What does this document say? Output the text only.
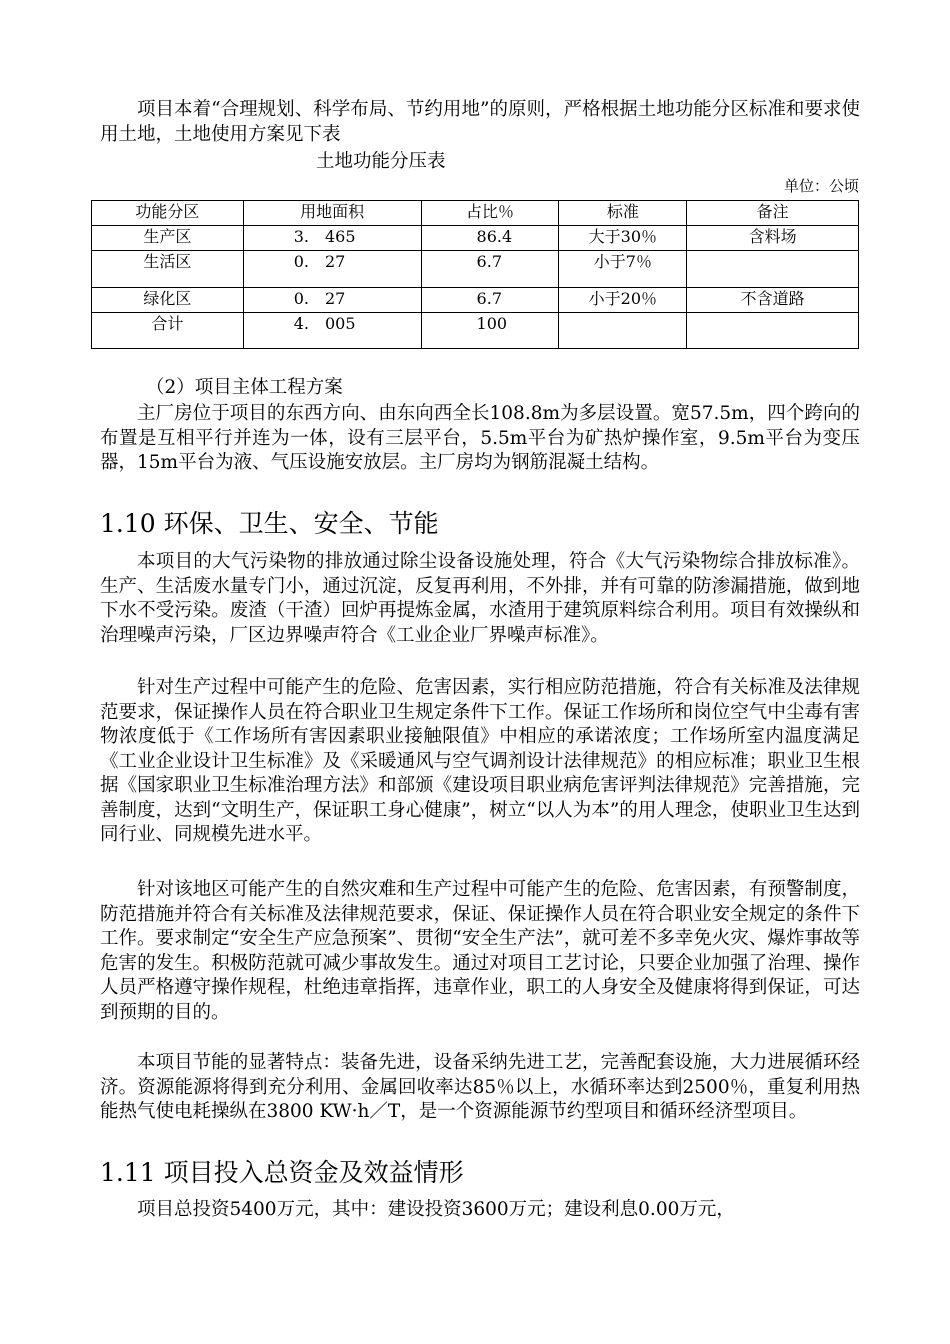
项目本着“合理规划、科学布局、节约用地”的原则，严格根据土地功能分区标准和要求使用土地，土地使用方案见下表

土地功能分压表

单位：公顷
功能分区	用地面积	占比％	标准	备注
生产区	3.　465	86.4	大于30％	含料场
生活区	0.　27	6.7	小于7％	
绿化区	0.　27	6.7	小于20％	不含道路
合计	4.　005	100		

（2）项目主体工程方案

主厂房位于项目的东西方向、由东向西全长108.8m为多层设置。宽57.5m，四个跨向的布置是互相平行并连为一体，设有三层平台，5.5m平台为矿热炉操作室，9.5m平台为变压器，15m平台为液、气压设施安放层。主厂房均为钢筋混凝土结构。

1.10 环保、卫生、安全、节能

本项目的大气污染物的排放通过除尘设备设施处理，符合《大气污染物综合排放标准》。生产、生活废水量专门小，通过沉淀，反复再利用，不外排，并有可靠的防渗漏措施，做到地下水不受污染。废渣（干渣）回炉再提炼金属，水渣用于建筑原料综合利用。项目有效操纵和治理噪声污染，厂区边界噪声符合《工业企业厂界噪声标准》。

针对生产过程中可能产生的危险、危害因素，实行相应防范措施，符合有关标准及法律规范要求，保证操作人员在符合职业卫生规定条件下工作。保证工作场所和岗位空气中尘毒有害物浓度低于《工作场所有害因素职业接触限值》中相应的承诺浓度；工作场所室内温度满足《工业企业设计卫生标准》及《采暖通风与空气调剂设计法律规范》的相应标准；职业卫生根据《国家职业卫生标准治理方法》和部颁《建设项目职业病危害评判法律规范》完善措施，完善制度，达到“文明生产，保证职工身心健康”，树立“以人为本”的用人理念，使职业卫生达到同行业、同规模先进水平。

针对该地区可能产生的自然灾难和生产过程中可能产生的危险、危害因素，有预警制度，防范措施并符合有关标准及法律规范要求，保证、保证操作人员在符合职业安全规定的条件下工作。要求制定“安全生产应急预案”、贯彻“安全生产法”，就可差不多幸免火灾、爆炸事故等危害的发生。积极防范就可减少事故发生。通过对项目工艺讨论，只要企业加强了治理、操作人员严格遵守操作规程，杜绝违章指挥，违章作业，职工的人身安全及健康将得到保证，可达到预期的目的。

本项目节能的显著特点：装备先进，设备采纳先进工艺，完善配套设施，大力进展循环经济。资源能源将得到充分利用、金属回收率达85％以上，水循环率达到2500％，重复利用热能热气使电耗操纵在3800 KW·h／T，是一个资源能源节约型项目和循环经济型项目。

1.11 项目投入总资金及效益情形

项目总投资5400万元，其中：建设投资3600万元；建设利息0.00万元，
